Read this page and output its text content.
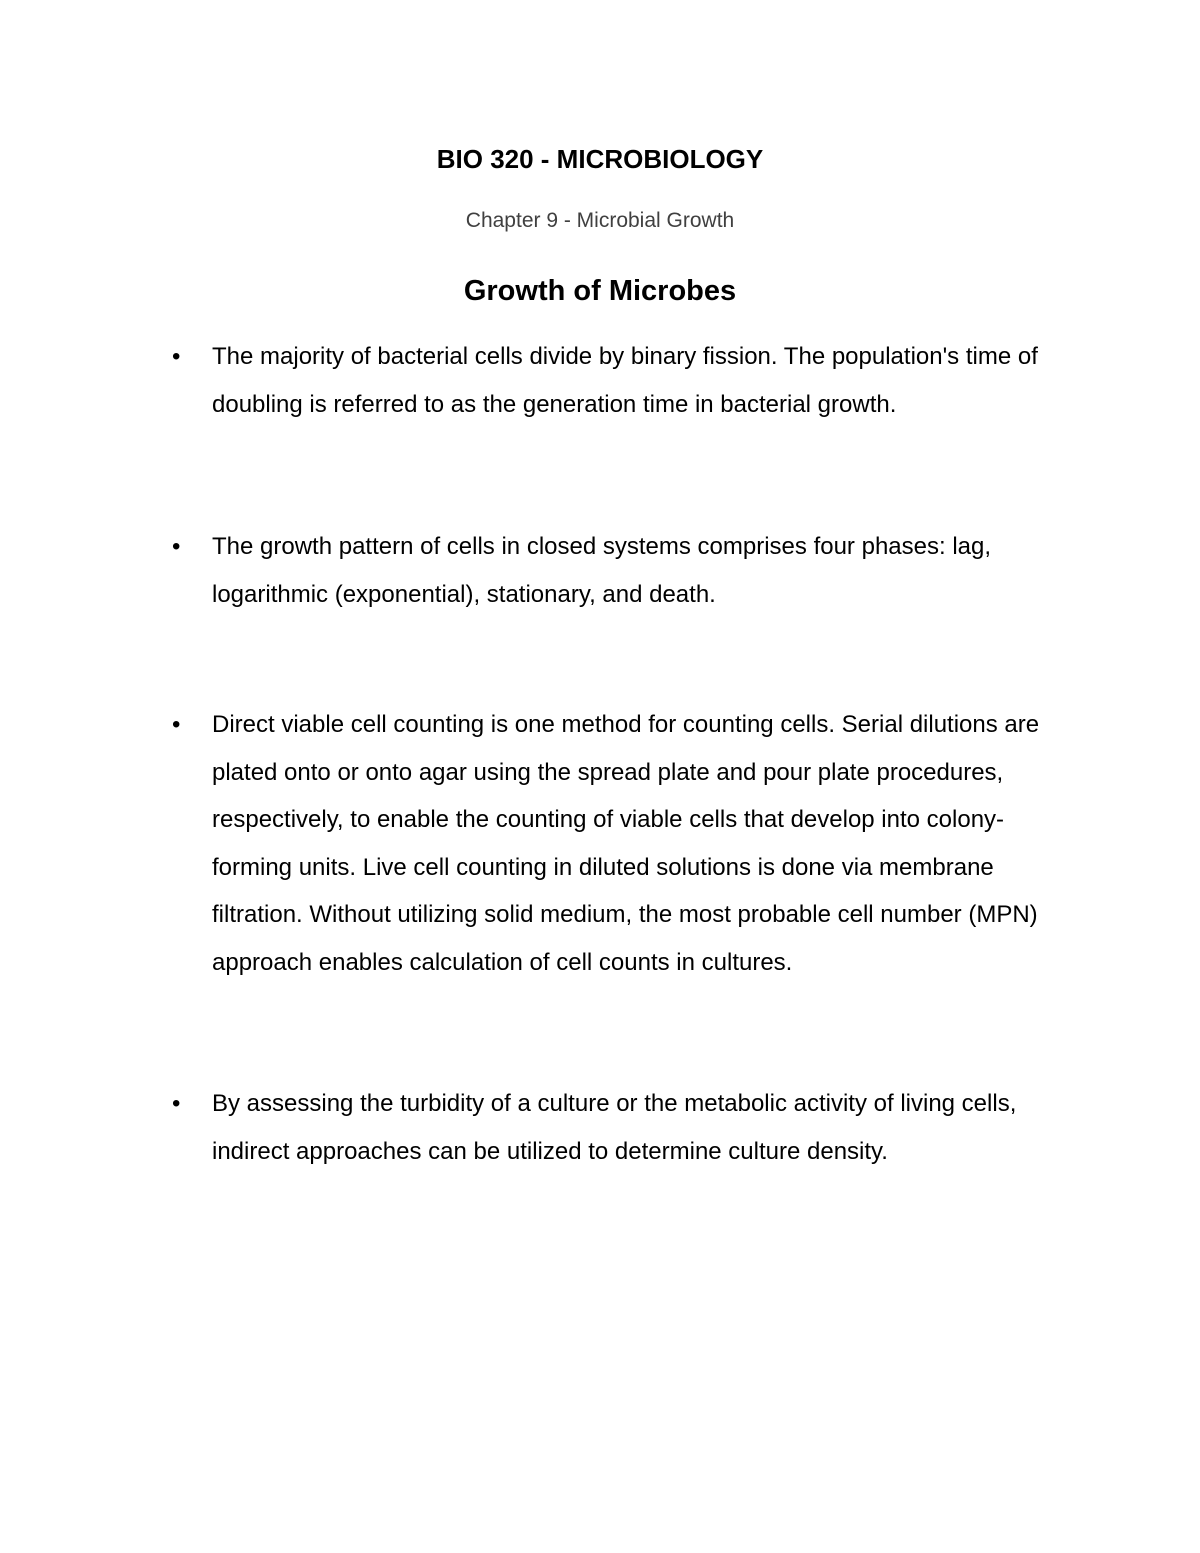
BIO 320 - MICROBIOLOGY
Chapter 9 - Microbial Growth
Growth of Microbes
•	The majority of bacterial cells divide by binary fission. The population's time of doubling is referred to as the generation time in bacterial growth.
•	The growth pattern of cells in closed systems comprises four phases: lag, logarithmic (exponential), stationary, and death.
•	Direct viable cell counting is one method for counting cells. Serial dilutions are plated onto or onto agar using the spread plate and pour plate procedures, respectively, to enable the counting of viable cells that develop into colony-forming units. Live cell counting in diluted solutions is done via membrane filtration. Without utilizing solid medium, the most probable cell number (MPN) approach enables calculation of cell counts in cultures.
•	By assessing the turbidity of a culture or the metabolic activity of living cells, indirect approaches can be utilized to determine culture density.
